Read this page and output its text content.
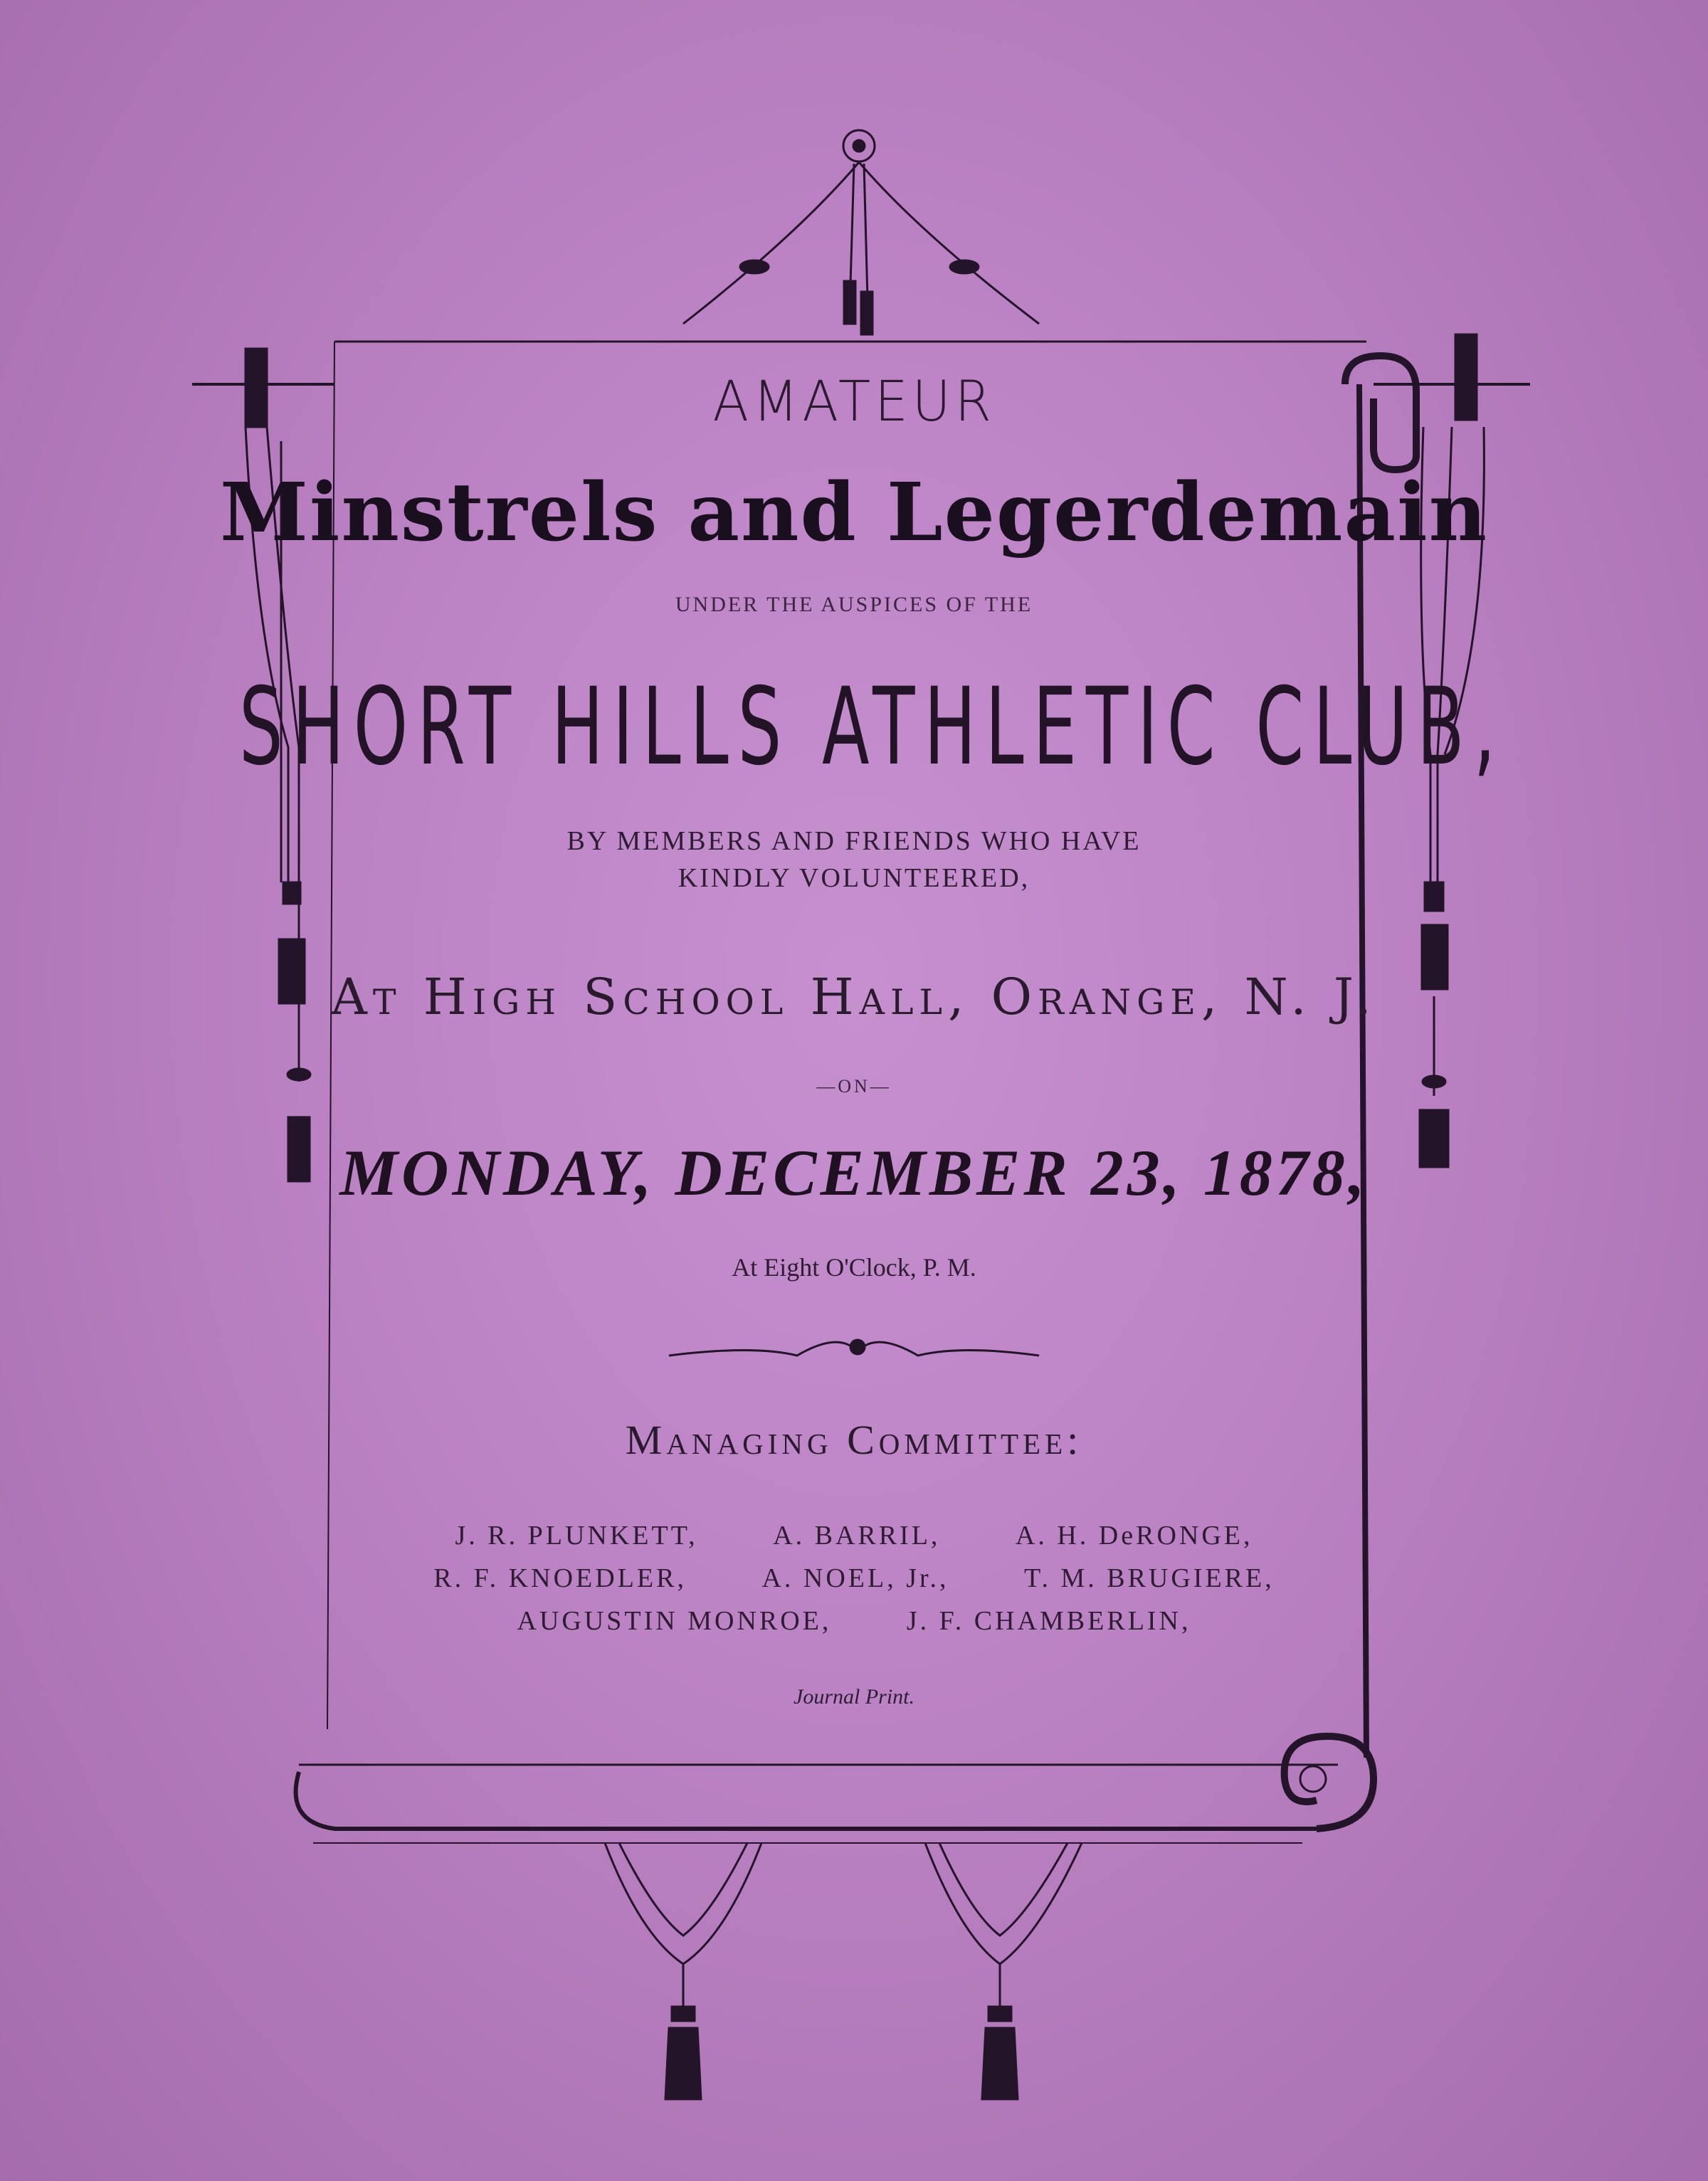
AMATEUR
Minstrels and Legerdemain
UNDER THE AUSPICES OF THE
SHORT HILLS ATHLETIC CLUB,
BY MEMBERS AND FRIENDS WHO HAVE
KINDLY VOLUNTEERED,
At High School Hall, Orange, N. J.
—ON—
MONDAY, DECEMBER 23, 1878,
At Eight O'Clock, P. M.
Managing Committee:
J. R. PLUNKETT,	A. BARRIL,	A. H. DeRONGE,
R. F. KNOEDLER,	A. NOEL, Jr.,	T. M. BRUGIERE,
AUGUSTIN MONROE,	J. F. CHAMBERLIN,
Journal Print.
